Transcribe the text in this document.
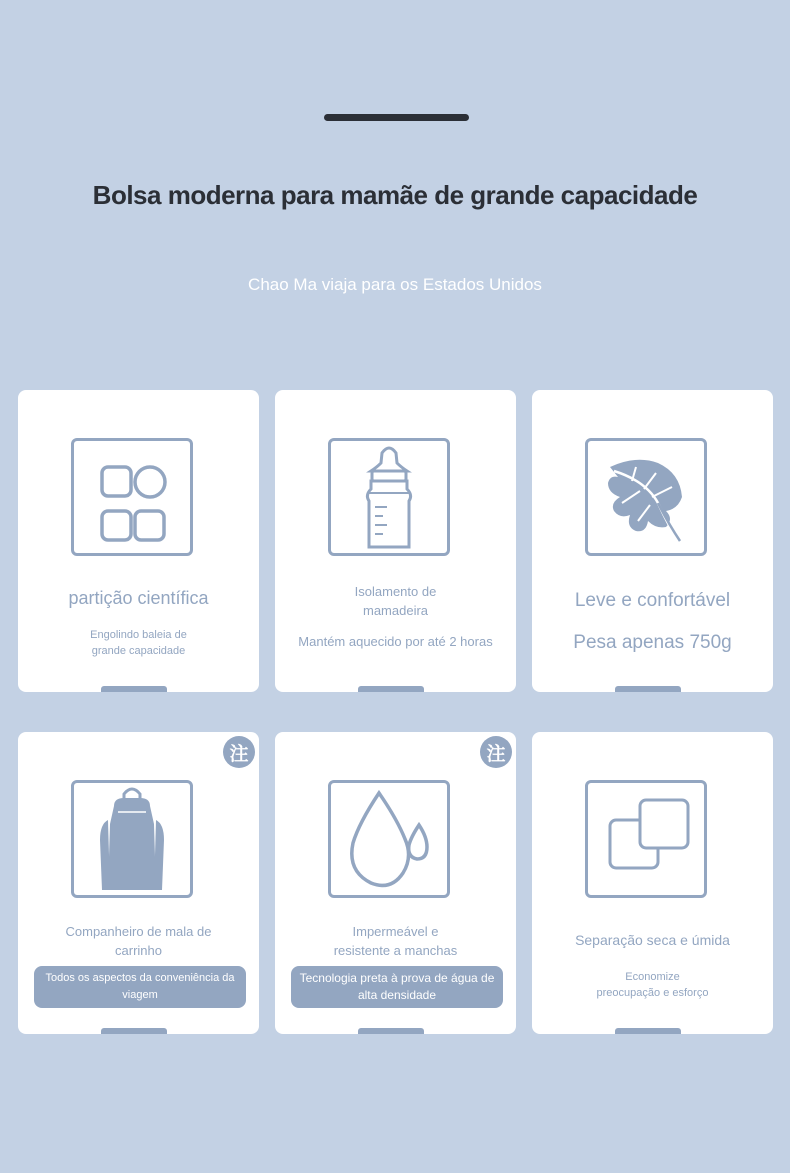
Bolsa moderna para mamãe de grande capacidade
Chao Ma viaja para os Estados Unidos
partição científica
Engolindo baleia de grande capacidade
Isolamento de mamadeira
Mantém aquecido por até 2 horas
Leve e confortável
Pesa apenas 750g
注
Companheiro de mala de carrinho
Todos os aspectos da conveniência da viagem
注
Impermeável e resistente a manchas
Tecnologia preta à prova de água de alta densidade
Separação seca e úmida
Economize preocupação e esforço
